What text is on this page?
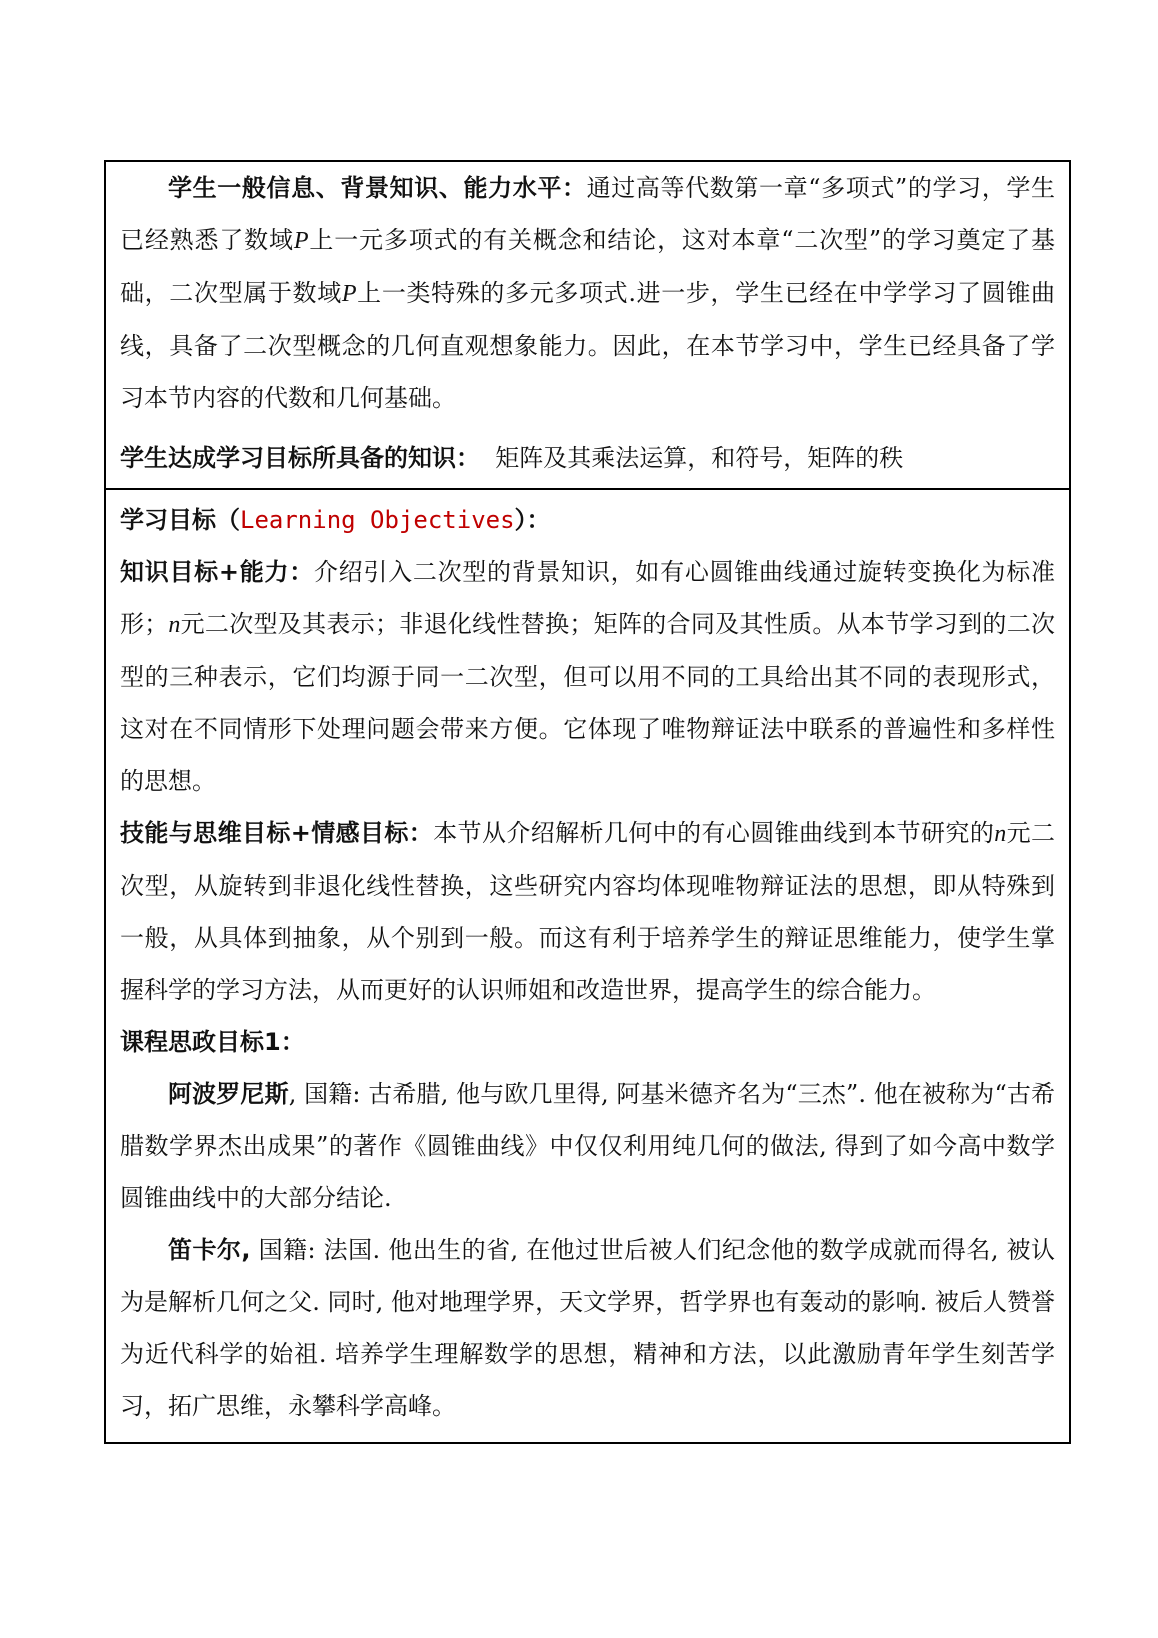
学生一般信息、背景知识、能力水平：通过高等代数第一章“多项式”的学习，学生已经熟悉了数域P上一元多项式的有关概念和结论，这对本章“二次型”的学习奠定了基础，二次型属于数域P上一类特殊的多元多项式.进一步，学生已经在中学学习了圆锥曲线，具备了二次型概念的几何直观想象能力。因此，在本节学习中，学生已经具备了学习本节内容的代数和几何基础。

学生达成学习目标所具备的知识： 矩阵及其乘法运算，和符号，矩阵的秩

学习目标（Learning Objectives）：

知识目标+能力：介绍引入二次型的背景知识，如有心圆锥曲线通过旋转变换化为标准形；n元二次型及其表示；非退化线性替换；矩阵的合同及其性质。从本节学习到的二次型的三种表示，它们均源于同一二次型，但可以用不同的工具给出其不同的表现形式，这对在不同情形下处理问题会带来方便。它体现了唯物辩证法中联系的普遍性和多样性的思想。

技能与思维目标+情感目标：本节从介绍解析几何中的有心圆锥曲线到本节研究的n元二次型，从旋转到非退化线性替换，这些研究内容均体现唯物辩证法的思想，即从特殊到一般，从具体到抽象，从个别到一般。而这有利于培养学生的辩证思维能力，使学生掌握科学的学习方法，从而更好的认识师姐和改造世界，提高学生的综合能力。

课程思政目标1：

阿波罗尼斯, 国籍: 古希腊, 他与欧几里得, 阿基米德齐名为“三杰”. 他在被称为“古希腊数学界杰出成果”的著作《圆锥曲线》中仅仅利用纯几何的做法, 得到了如今高中数学圆锥曲线中的大部分结论.

笛卡尔, 国籍: 法国. 他出生的省, 在他过世后被人们纪念他的数学成就而得名, 被认为是解析几何之父. 同时, 他对地理学界，天文学界，哲学界也有轰动的影响. 被后人赞誉为近代科学的始祖. 培养学生理解数学的思想，精神和方法，以此激励青年学生刻苦学习，拓广思维，永攀科学高峰。
